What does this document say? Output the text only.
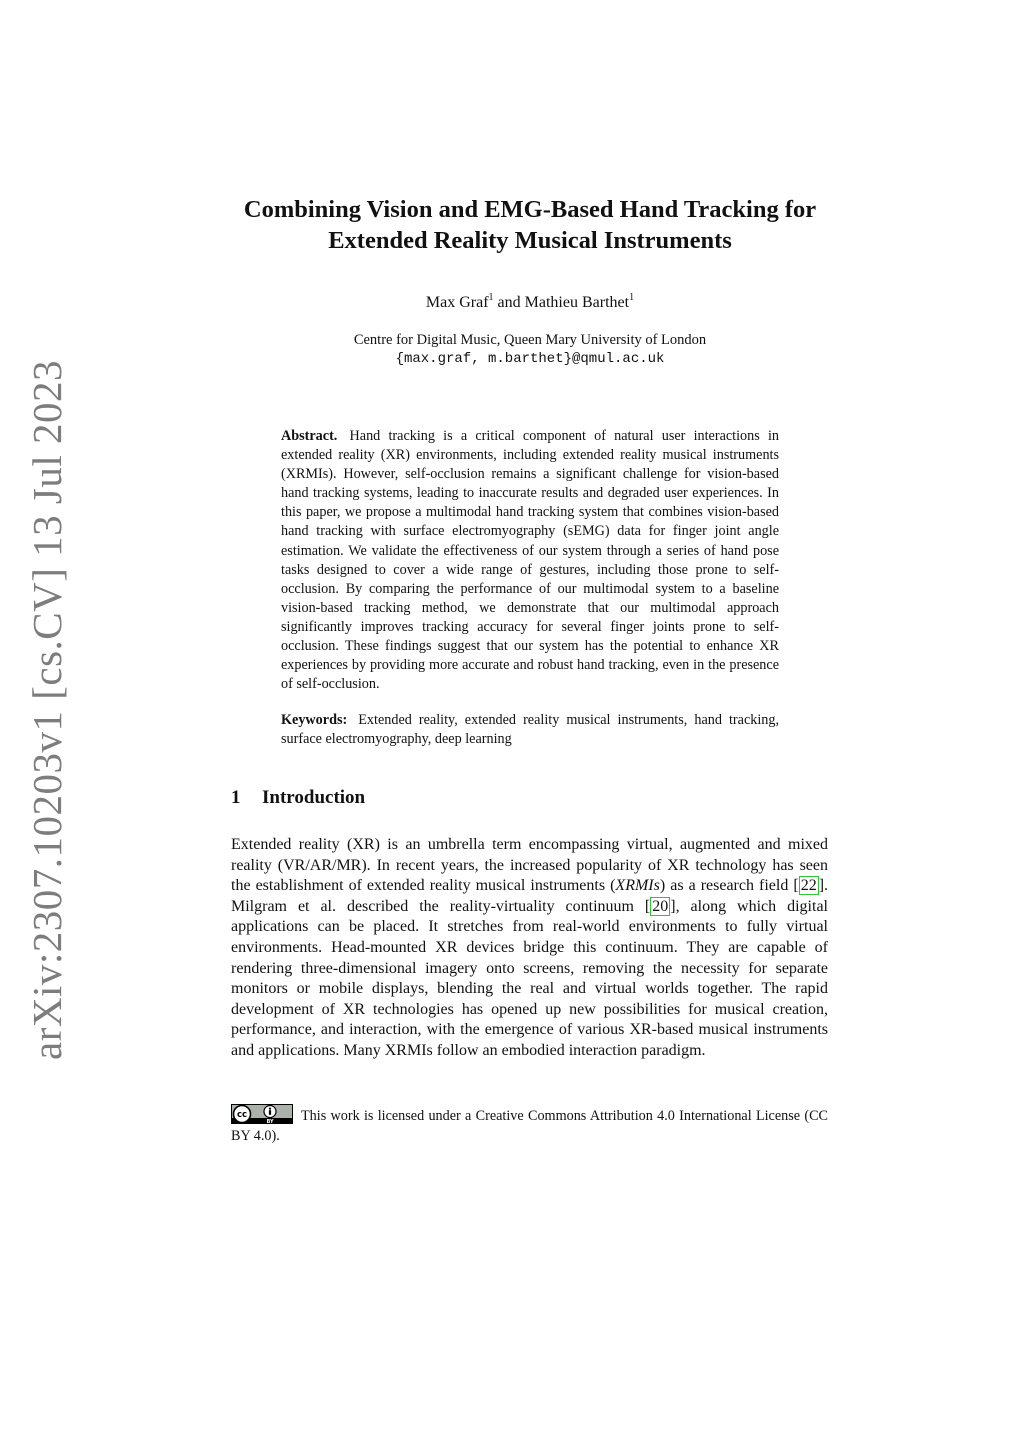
arXiv:2307.10203v1 [cs.CV] 13 Jul 2023
Combining Vision and EMG-Based Hand Tracking for
Extended Reality Musical Instruments
Max Graf$^1$ and Mathieu Barthet$^1$
Centre for Digital Music, Queen Mary University of London
{max.graf, m.barthet}@qmul.ac.uk
Abstract. Hand tracking is a critical component of natural user interactions in extended reality (XR) environments, including extended reality musical instruments (XRMIs). However, self-occlusion remains a significant challenge for vision-based hand tracking systems, leading to inaccurate results and degraded user experiences. In this paper, we propose a multimodal hand tracking system that combines vision-based hand tracking with surface electromyography (sEMG) data for finger joint angle estimation. We validate the effectiveness of our system through a series of hand pose tasks designed to cover a wide range of gestures, including those prone to self-occlusion. By comparing the performance of our multimodal system to a baseline vision-based tracking method, we demonstrate that our multimodal approach significantly improves tracking accuracy for several finger joints prone to self-occlusion. These findings suggest that our system has the potential to enhance XR experiences by providing more accurate and robust hand tracking, even in the presence of self-occlusion.
Keywords: Extended reality, extended reality musical instruments, hand tracking, surface electromyography, deep learning
1 Introduction
Extended reality (XR) is an umbrella term encompassing virtual, augmented and mixed reality (VR/AR/MR). In recent years, the increased popularity of XR technology has seen the establishment of extended reality musical instruments (XRMIs) as a research field [ 22 ]. Milgram et al. described the reality-virtuality continuum [ 20 ], along which digital applications can be placed. It stretches from real-world environments to fully virtual environments. Head-mounted XR devices bridge this continuum. They are capable of rendering three-dimensional imagery onto screens, removing the necessity for separate monitors or mobile displays, blending the real and virtual worlds together. The rapid development of XR technologies has opened up new possibilities for musical creation, performance, and interaction, with the emergence of various XR-based musical instruments and applications. Many XRMIs follow an embodied interaction paradigm.
cc
BY This work is licensed under a Creative Commons Attribution 4.0 International License (CC BY 4.0).
